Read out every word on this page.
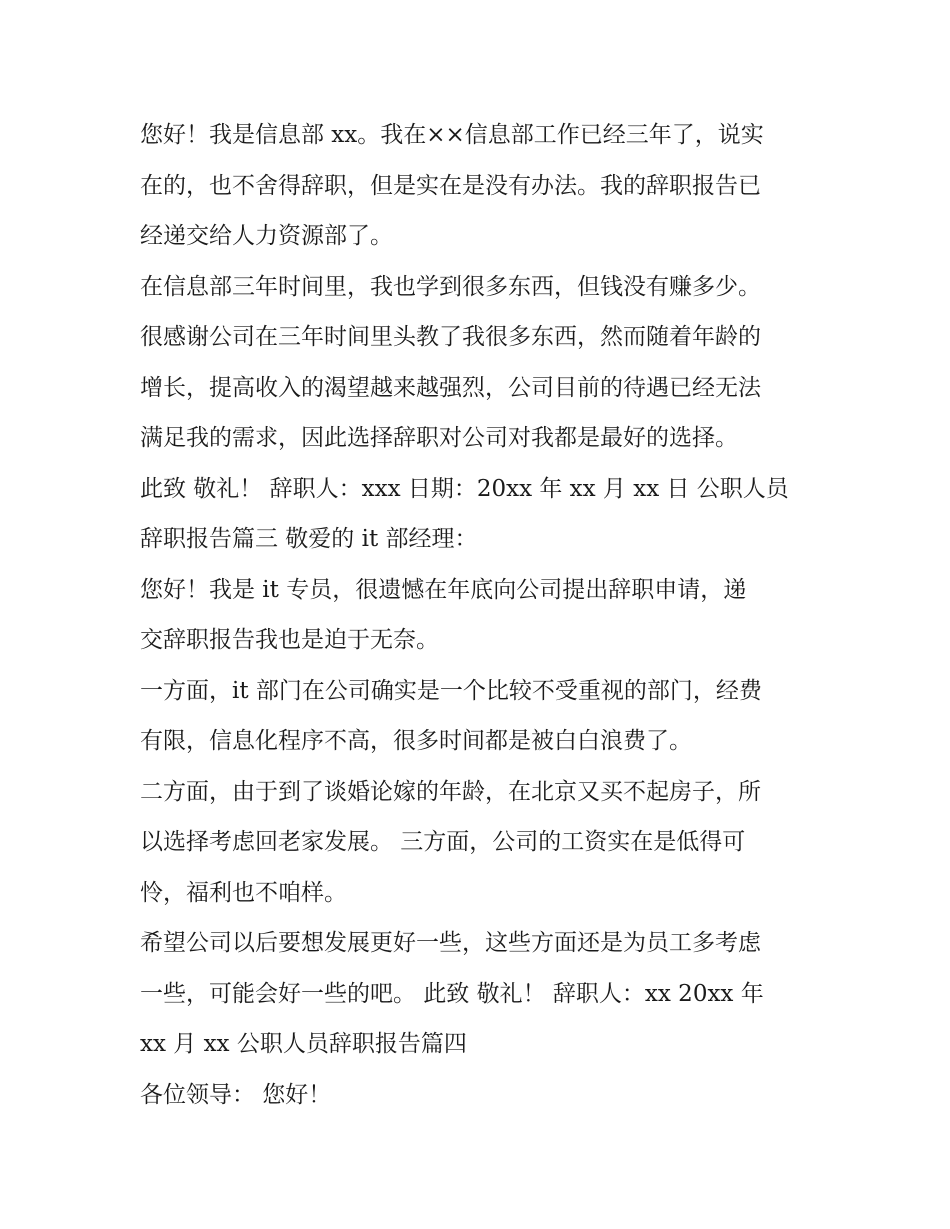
您好！我是信息部 xx。我在××信息部工作已经三年了，说实
在的，也不舍得辞职，但是实在是没有办法。我的辞职报告已
经递交给人力资源部了。
在信息部三年时间里，我也学到很多东西，但钱没有赚多少。
很感谢公司在三年时间里头教了我很多东西，然而随着年龄的
增长，提高收入的渴望越来越强烈，公司目前的待遇已经无法
满足我的需求，因此选择辞职对公司对我都是最好的选择。
此致 敬礼！ 辞职人：xxx 日期：20xx 年 xx 月 xx 日 公职人员
辞职报告篇三 敬爱的 it 部经理：
您好！我是 it 专员，很遗憾在年底向公司提出辞职申请，递
交辞职报告我也是迫于无奈。
一方面，it 部门在公司确实是一个比较不受重视的部门，经费
有限，信息化程序不高，很多时间都是被白白浪费了。
二方面，由于到了谈婚论嫁的年龄，在北京又买不起房子，所
以选择考虑回老家发展。 三方面，公司的工资实在是低得可
怜，福利也不咱样。
希望公司以后要想发展更好一些，这些方面还是为员工多考虑
一些，可能会好一些的吧。 此致 敬礼！ 辞职人：xx 20xx 年
xx 月 xx 公职人员辞职报告篇四
各位领导： 您好！
